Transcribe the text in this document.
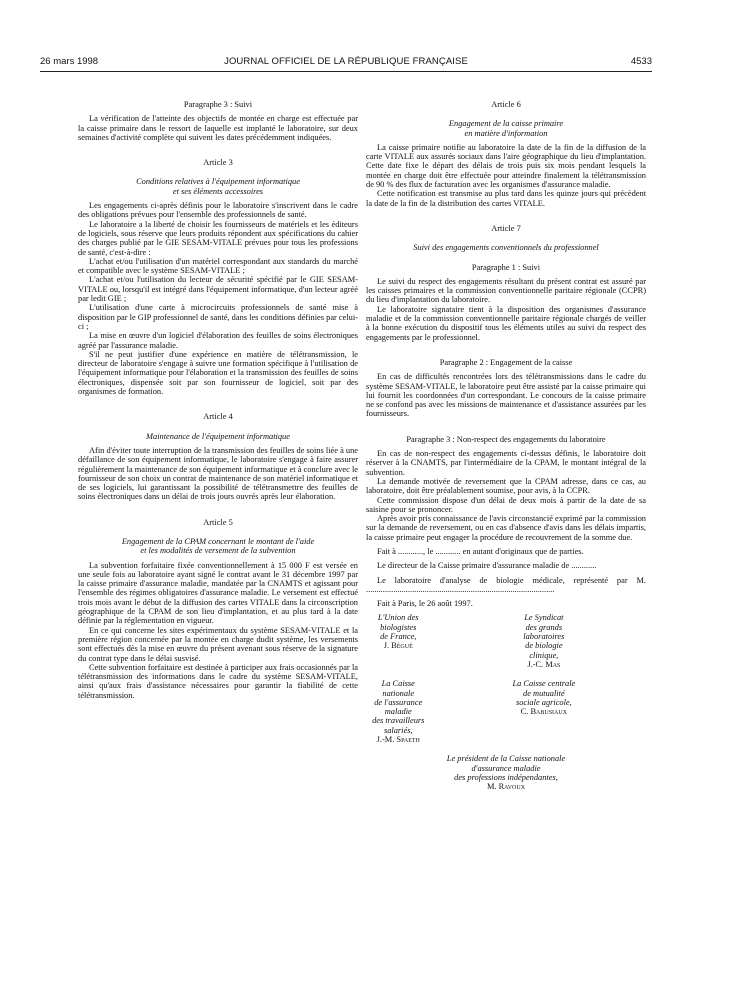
26 mars 1998	JOURNAL OFFICIEL DE LA RÉPUBLIQUE FRANÇAISE	4533

Paragraphe 3 : Suivi

La vérification de l'atteinte des objectifs de montée en charge est effectuée par la caisse primaire dans le ressort de laquelle est implanté le laboratoire, sur deux semaines d'activité complète qui suivent les dates précédemment indiquées.

Article 3

Conditions relatives à l'équipement informatique

et ses éléments accessoires

Les engagements ci-après définis pour le laboratoire s'inscrivent dans le cadre des obligations prévues pour l'ensemble des professionnels de santé.

Le laboratoire a la liberté de choisir les fournisseurs de matériels et les éditeurs de logiciels, sous réserve que leurs produits répondent aux spécifications du cahier des charges publié par le GIE SESAM-VITALE prévues pour tous les professions de santé, c'est-à-dire :

L'achat et/ou l'utilisation d'un matériel correspondant aux standards du marché et compatible avec le système SESAM-VITALE ;

L'achat et/ou l'utilisation du lecteur de sécurité spécifié par le GIE SESAM-VITALE ou, lorsqu'il est intégré dans l'équipement informatique, d'un lecteur agréé par ledit GIE ;

L'utilisation d'une carte à microcircuits professionnels de santé mise à disposition par le GIP professionnel de santé, dans les conditions définies par celui-ci ;

La mise en œuvre d'un logiciel d'élaboration des feuilles de soins électroniques agréé par l'assurance maladie.

S'il ne peut justifier d'une expérience en matière de télétransmission, le directeur de laboratoire s'engage à suivre une formation spécifique à l'utilisation de l'équipement informatique pour l'élaboration et la transmission des feuilles de soins électroniques, dispensée soit par son fournisseur de logiciel, soit par des organismes de formation.

Article 4

Maintenance de l'équipement informatique

Afin d'éviter toute interruption de la transmission des feuilles de soins liée à une défaillance de son équipement informatique, le laboratoire s'engage à faire assurer régulièrement la maintenance de son équipement informatique et à conclure avec le fournisseur de son choix un contrat de maintenance de son matériel informatique et de ses logiciels, lui garantissant la possibilité de télétransmettre des feuilles de soins électroniques dans un délai de trois jours ouvrés après leur élaboration.

Article 5

Engagement de la CPAM concernant le montant de l'aide

et les modalités de versement de la subvention

La subvention forfaitaire fixée conventionnellement à 15 000 F est versée en une seule fois au laboratoire ayant signé le contrat avant le 31 décembre 1997 par la caisse primaire d'assurance maladie, mandatée par la CNAMTS et agissant pour l'ensemble des régimes obligatoires d'assurance maladie. Le versement est effectué trois mois avant le début de la diffusion des cartes VITALE dans la circonscription géographique de la CPAM de son lieu d'implantation, et au plus tard à la date définie par la réglementation en vigueur.

En ce qui concerne les sites expérimentaux du système SESAM-VITALE et la première région concernée par la montée en charge dudit système, les versements sont effectués dès la mise en œuvre du présent avenant sous réserve de la signature du contrat type dans le délai susvisé.

Cette subvention forfaitaire est destinée à participer aux frais occasionnés par la télétransmission des informations dans le cadre du système SESAM-VITALE, ainsi qu'aux frais d'assistance nécessaires pour garantir la fiabilité de cette télétransmission.

Article 6

Engagement de la caisse primaire

en matière d'information

La caisse primaire notifie au laboratoire la date de la fin de la diffusion de la carte VITALE aux assurés sociaux dans l'aire géographique du lieu d'implantation. Cette date fixe le départ des délais de trois puis six mois pendant lesquels la montée en charge doit être effectuée pour atteindre finalement la télétransmission de 90 % des flux de facturation avec les organismes d'assurance maladie.

Cette notification est transmise au plus tard dans les quinze jours qui précèdent la date de la fin de la distribution des cartes VITALE.

Article 7

Suivi des engagements conventionnels du professionnel

Paragraphe 1 : Suivi

Le suivi du respect des engagements résultant du présent contrat est assuré par les caisses primaires et la commission conventionnelle paritaire régionale (CCPR) du lieu d'implantation du laboratoire.

Le laboratoire signataire tient à la disposition des organismes d'assurance maladie et de la commission conventionnelle paritaire régionale chargés de veiller à la bonne exécution du dispositif tous les éléments utiles au suivi du respect des engagements par le professionnel.

Paragraphe 2 : Engagement de la caisse

En cas de difficultés rencontrées lors des télétransmissions dans le cadre du système SESAM-VITALE, le laboratoire peut être assisté par la caisse primaire qui lui fournit les coordonnées d'un correspondant. Le concours de la caisse primaire ne se confond pas avec les missions de maintenance et d'assistance assurées par les fournisseurs.

Paragraphe 3 : Non-respect des engagements du laboratoire

En cas de non-respect des engagements ci-dessus définis, le laboratoire doit réserver à la CNAMTS, par l'intermédiaire de la CPAM, le montant intégral de la subvention.

La demande motivée de reversement que la CPAM adresse, dans ce cas, au laboratoire, doit être préalablement soumise, pour avis, à la CCPR.

Cette commission dispose d'un délai de deux mois à partir de la date de sa saisine pour se prononcer.

Après avoir pris connaissance de l'avis circonstancié exprimé par la commission sur la demande de reversement, ou en cas d'absence d'avis dans les délais impartis, la caisse primaire peut engager la procédure de recouvrement de la somme due.

Fait à ............, le ............ en autant d'originaux que de parties.

Le directeur de la Caisse primaire d'assurance maladie de ............

Le laboratoire d'analyse de biologie médicale, représenté par M. ..........................................................................................

Fait à Paris, le 26 août 1997.

L'Union des biologistes
de France,
J. Bégué
Le Syndicat
des grands laboratoires
de biologie clinique,
J.-C. Mas
La Caisse nationale
de l'assurance maladie
des travailleurs salariés,
J.-M. Spaeth
La Caisse centrale
de mutualité
sociale agricole,
C. Babusiaux
Le président de la Caisse nationale
d'assurance maladie
des professions indépendantes,
M. Ravoux
